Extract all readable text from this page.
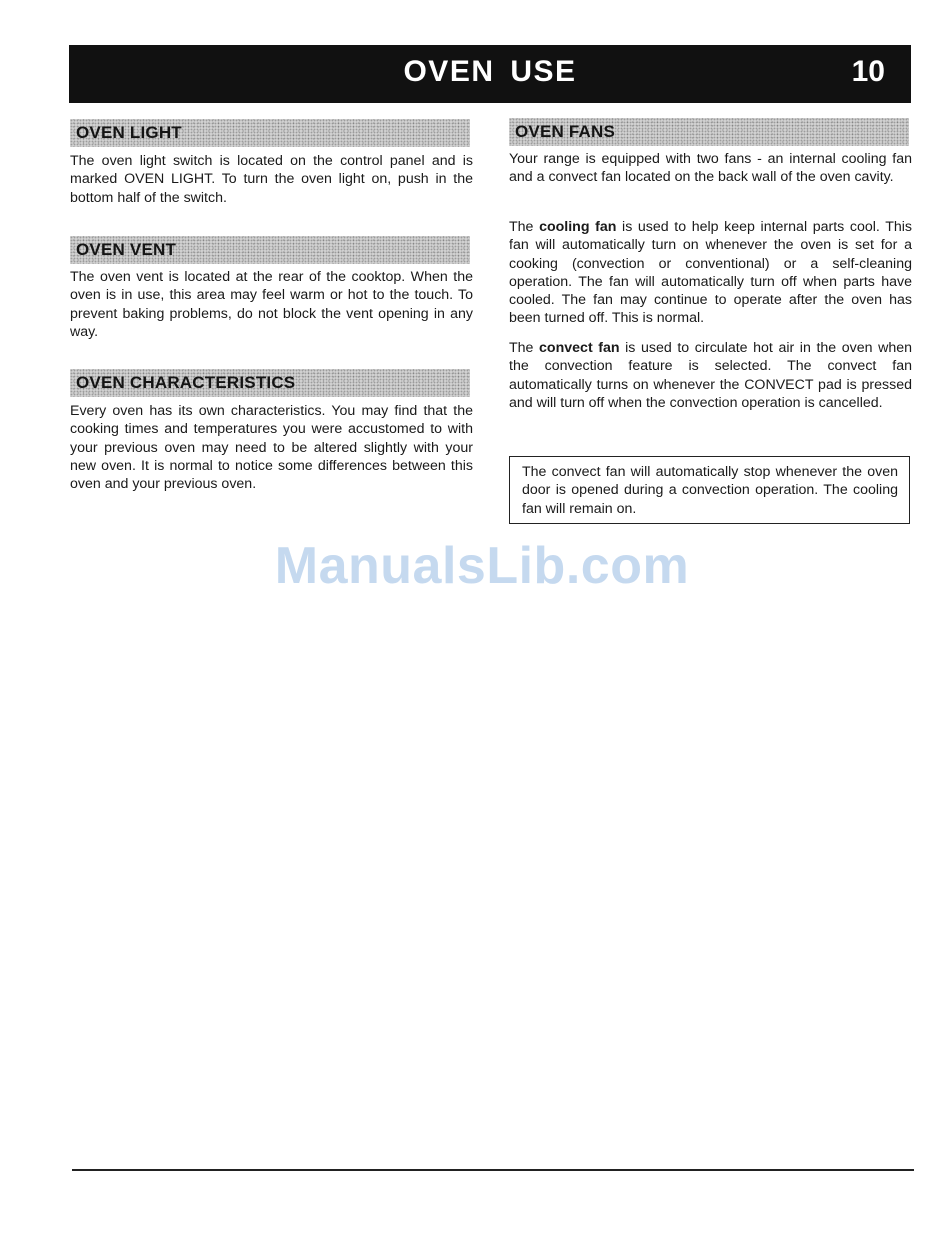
OVEN USE	10
OVEN LIGHT

The oven light switch is located on the control panel and is marked OVEN LIGHT. To turn the oven light on, push in the bottom half of the switch.

OVEN VENT

The oven vent is located at the rear of the cooktop. When the oven is in use, this area may feel warm or hot to the touch. To prevent baking problems, do not block the vent opening in any way.

OVEN CHARACTERISTICS

Every oven has its own characteristics. You may find that the cooking times and temperatures you were accustomed to with your previous oven may need to be altered slightly with your new oven. It is normal to notice some differences between this oven and your previous oven.

OVEN FANS

Your range is equipped with two fans - an internal cooling fan and a convect fan located on the back wall of the oven cavity.

The cooling fan is used to help keep internal parts cool. This fan will automatically turn on whenever the oven is set for a cooking (convection or conventional) or a self-cleaning operation. The fan will automatically turn off when parts have cooled. The fan may continue to operate after the oven has been turned off. This is normal.

The convect fan is used to circulate hot air in the oven when the convection feature is selected. The convect fan automatically turns on whenever the CONVECT pad is pressed and will turn off when the convection operation is cancelled.

The convect fan will automatically stop whenever the oven door is opened during a convection operation. The cooling fan will remain on.

ManualsLib.com
